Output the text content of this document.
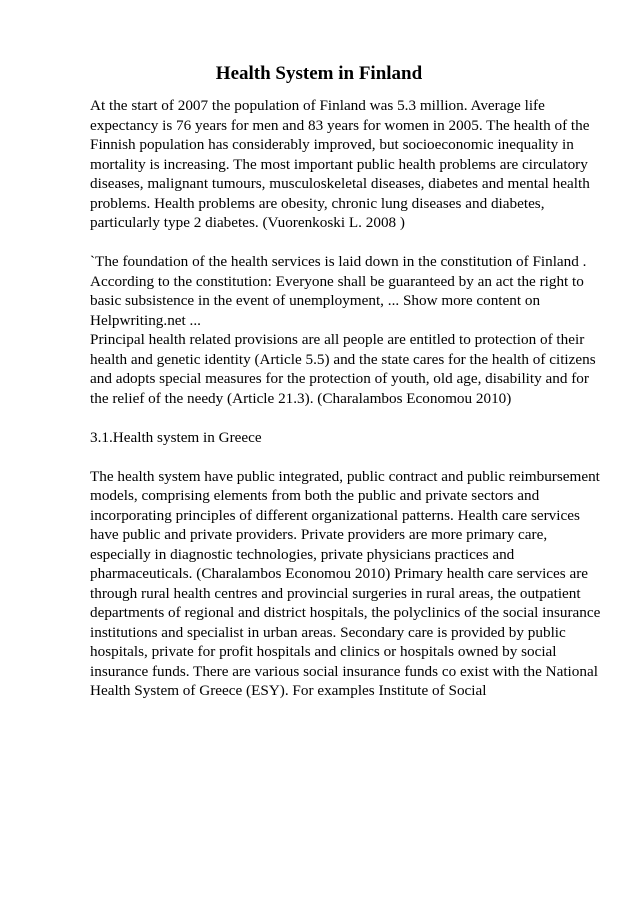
Health System in Finland

At the start of 2007 the population of Finland was 5.3 million. Average life
expectancy is 76 years for men and 83 years for women in 2005. The health of the
Finnish population has considerably improved, but socioeconomic inequality in
mortality is increasing. The most important public health problems are circulatory
diseases, malignant tumours, musculoskeletal diseases, diabetes and mental health
problems. Health problems are obesity, chronic lung diseases and diabetes,
particularly type 2 diabetes. (Vuorenkoski L. 2008 )

`The foundation of the health services is laid down in the constitution of Finland .
According to the constitution: Everyone shall be guaranteed by an act the right to
basic subsistence in the event of unemployment, ... Show more content on
Helpwriting.net ...

Principal health related provisions are all people are entitled to protection of their
health and genetic identity (Article 5.5) and the state cares for the health of citizens
and adopts special measures for the protection of youth, old age, disability and for
the relief of the needy (Article 21.3). (Charalambos Economou 2010)

3.1.Health system in Greece

The health system have public integrated, public contract and public reimbursement
models, comprising elements from both the public and private sectors and
incorporating principles of different organizational patterns. Health care services
have public and private providers. Private providers are more primary care,
especially in diagnostic technologies, private physicians practices and
pharmaceuticals. (Charalambos Economou 2010) Primary health care services are
through rural health centres and provincial surgeries in rural areas, the outpatient
departments of regional and district hospitals, the polyclinics of the social insurance
institutions and specialist in urban areas. Secondary care is provided by public
hospitals, private for profit hospitals and clinics or hospitals owned by social
insurance funds. There are various social insurance funds co exist with the National
Health System of Greece (ESY). For examples Institute of Social
